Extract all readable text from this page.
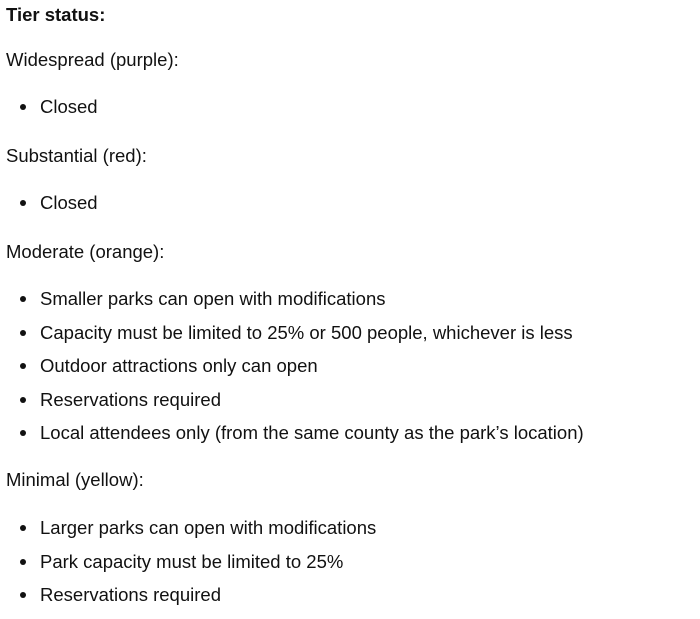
Tier status:

Widespread (purple):

Closed

Substantial (red):

Closed

Moderate (orange):

Smaller parks can open with modifications
Capacity must be limited to 25% or 500 people, whichever is less
Outdoor attractions only can open
Reservations required
Local attendees only (from the same county as the park’s location)

Minimal (yellow):

Larger parks can open with modifications
Park capacity must be limited to 25%
Reservations required
